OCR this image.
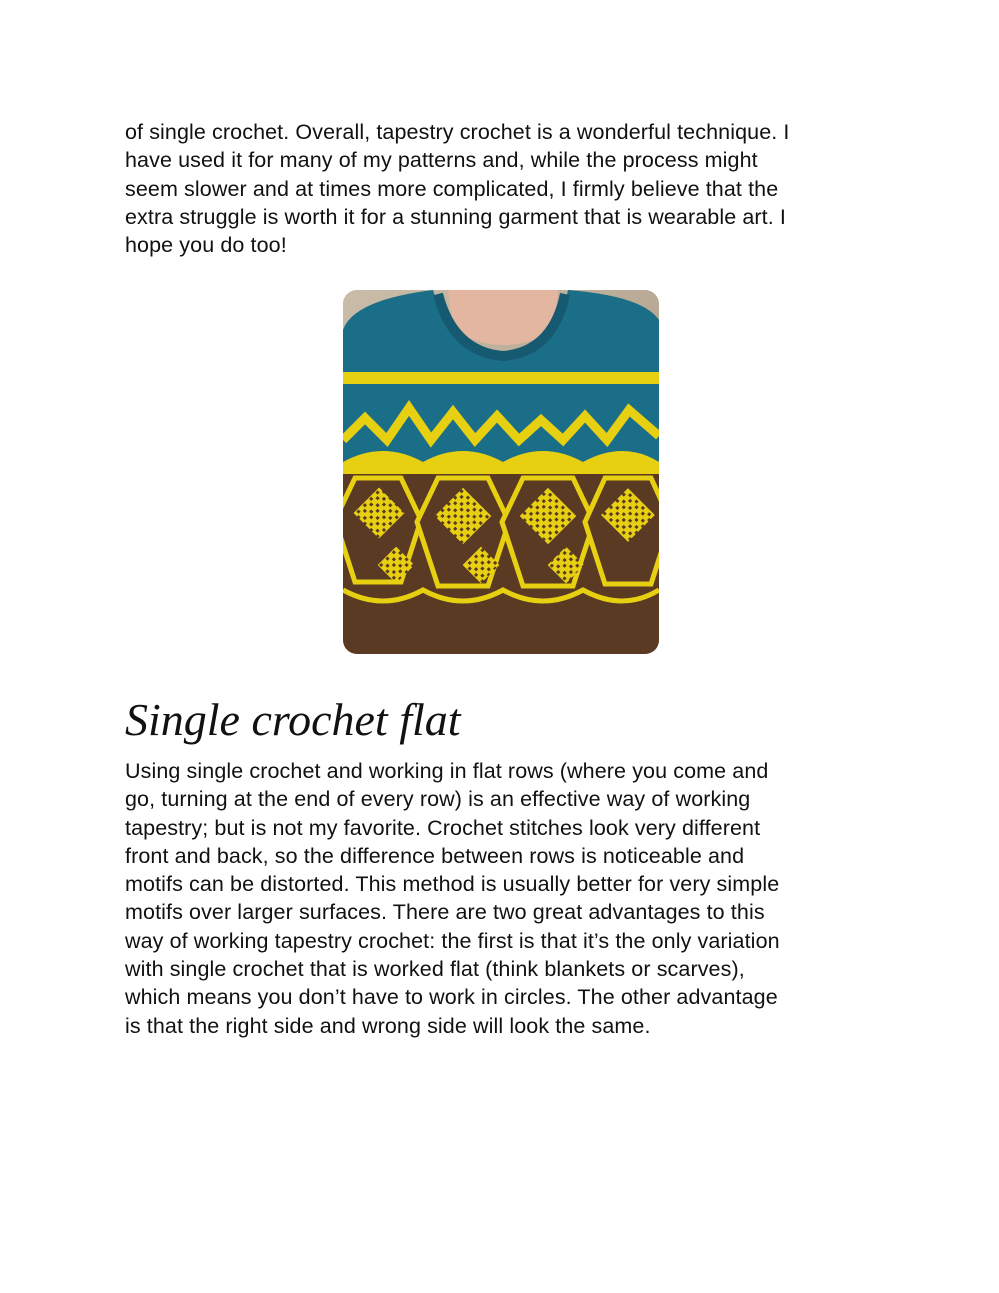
of single crochet. Overall, tapestry crochet is a wonderful technique. I
have used it for many of my patterns and, while the process might
seem slower and at times more complicated, I firmly believe that the
extra struggle is worth it for a stunning garment that is wearable art. I
hope you do too!

Single crochet flat

Using single crochet and working in flat rows (where you come and
go, turning at the end of every row) is an effective way of working
tapestry; but is not my favorite. Crochet stitches look very different
front and back, so the difference between rows is noticeable and
motifs can be distorted. This method is usually better for very simple
motifs over larger surfaces. There are two great advantages to this
way of working tapestry crochet: the first is that it’s the only variation
with single crochet that is worked flat (think blankets or scarves),
which means you don’t have to work in circles. The other advantage
is that the right side and wrong side will look the same.
